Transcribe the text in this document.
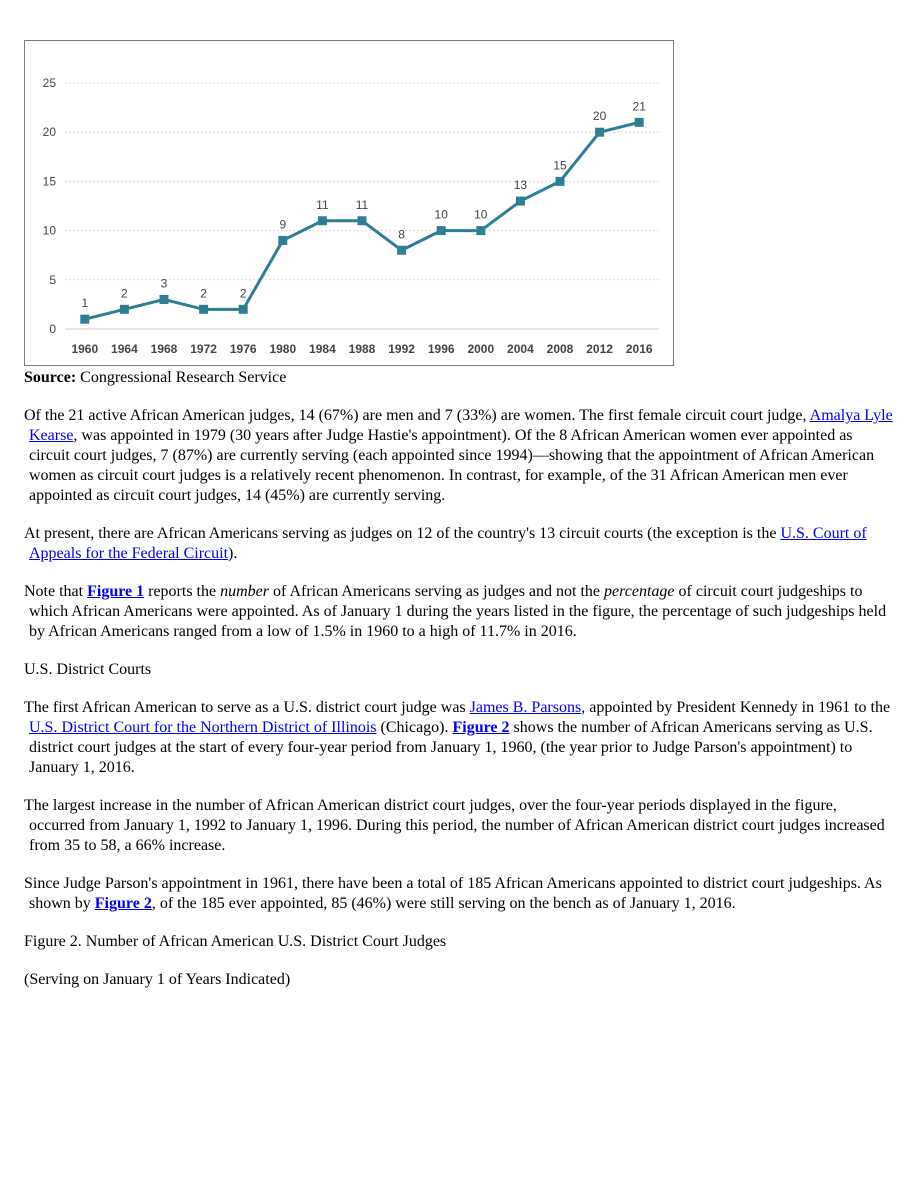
0
5
10
15
20
25
1960 1964 1968 1972 1976 1980 1984 1988 1992 1996 2000 2004 2008 2012 2016
1
2
3
2	2
9
11 11
8
10 10
13
15
20
21
Source: Congressional Research Service

Of the 21 active African American judges, 14 (67%) are men and 7 (33%) are women. The first female circuit court judge, Amalya Lyle Kearse, was appointed in 1979 (30 years after Judge Hastie's appointment). Of the 8 African American women ever appointed as circuit court judges, 7 (87%) are currently serving (each appointed since 1994)—showing that the appointment of African American women as circuit court judges is a relatively recent phenomenon. In contrast, for example, of the 31 African American men ever appointed as circuit court judges, 14 (45%) are currently serving.

At present, there are African Americans serving as judges on 12 of the country's 13 circuit courts (the exception is the U.S. Court of Appeals for the Federal Circuit).

Note that Figure 1 reports the number of African Americans serving as judges and not the percentage of circuit court judgeships to which African Americans were appointed. As of January 1 during the years listed in the figure, the percentage of such judgeships held by African Americans ranged from a low of 1.5% in 1960 to a high of 11.7% in 2016.

U.S. District Courts

The first African American to serve as a U.S. district court judge was James B. Parsons, appointed by President Kennedy in 1961 to the U.S. District Court for the Northern District of Illinois (Chicago). Figure 2 shows the number of African Americans serving as U.S. district court judges at the start of every four-year period from January 1, 1960, (the year prior to Judge Parson's appointment) to January 1, 2016.

The largest increase in the number of African American district court judges, over the four-year periods displayed in the figure, occurred from January 1, 1992 to January 1, 1996. During this period, the number of African American district court judges increased from 35 to 58, a 66% increase.

Since Judge Parson's appointment in 1961, there have been a total of 185 African Americans appointed to district court judgeships. As shown by Figure 2, of the 185 ever appointed, 85 (46%) were still serving on the bench as of January 1, 2016.

Figure 2. Number of African American U.S. District Court Judges

(Serving on January 1 of Years Indicated)
